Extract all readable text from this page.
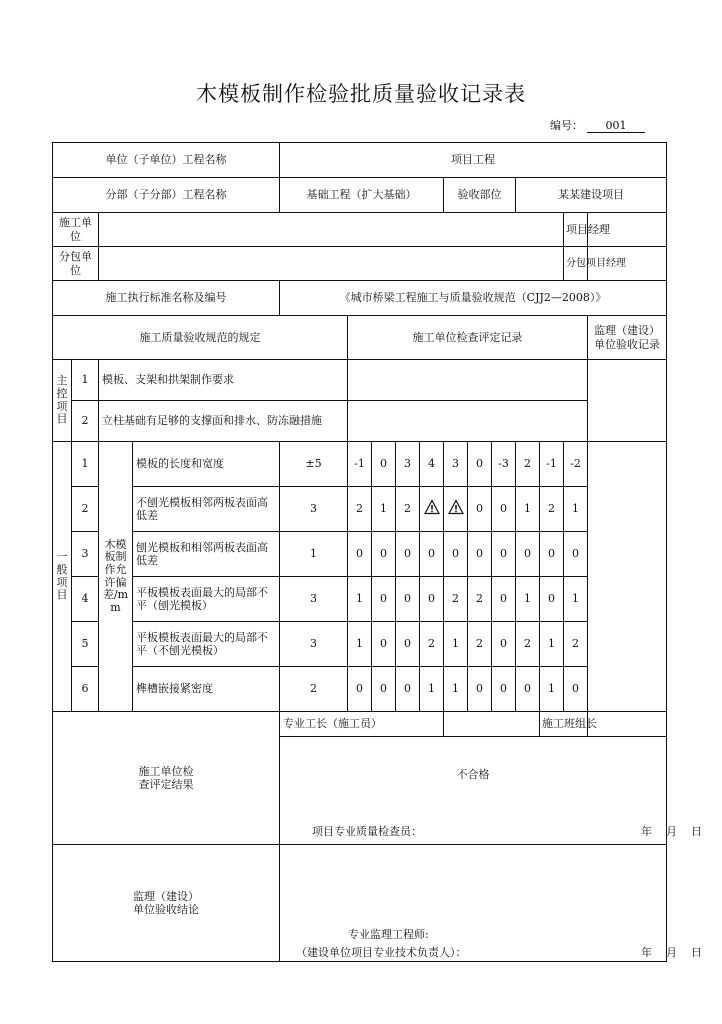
木模板制作检验批质量验收记录表
编号： 001
单位（子单位）工程名称				项目工程											
分部（子分部）工程名称				基础工程（扩大基础）					验收部位			某某建设项目			
施工单位														项目经理	
分包单位														分包项目经理	
施工执行标准名称及编号				《城市桥梁工程施工与质量验收规范（CJJ2—2008）》											
施工质量验收规范的规定					施工单位检查评定记录										监理（建设）单位验收记录
主控项目	1	模板、支架和拱架制作要求													
	2	立柱基础有足够的支撑面和排水、防冻融措施													
一般项目	1	木模板制作允许偏差/mm	模板的长度和宽度	±5	-1	0	3	4	3	0	-3	2	-1	-2	
	2		不刨光模板相邻两板表面高低差	3	2	1	2			0	0	1	2	1	
	3		刨光模板和相邻两板表面高低差	1	0	0	0	0	0	0	0	0	0	0	
	4		平板模板表面最大的局部不平（刨光模板）	3	1	0	0	0	2	2	0	1	0	1	
	5		平板模板表面最大的局部不平（不刨光模板）	3	1	0	0	2	1	2	0	2	1	2	
	6		榫槽嵌接紧密度	2	0	0	0	1	1	0	0	0	1	0	
施工单位检查评定结果				专业工长（施工员）									施工班组长		

				不合格
项目专业质量检查员： 年    月    日											

监理（建设）单位验收结论				专业监理工程师:
（建设单位项目专业技术负责人）： 年    月    日											
